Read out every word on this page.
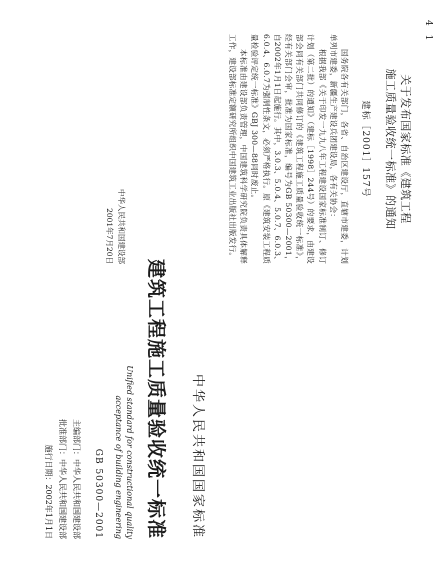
4 1
关于发布国家标准《建筑工程
施工质量验收统一标准》的通知
建标［2001］157号

国务院各有关部门，各省、自治区建设厅，直辖市建委，计划单列市建委，新疆生产建设兵团建设局，各有关协会：

根据我部《关于印发一九九八年工程建设国家标准制订、修订计划（第二批）的通知》（建标［1998］244号）的要求，由建设部会同有关部门共同修订的《建筑工程施工质量验收统一标准》，经有关部门会审，批准为国家标准，编号为GB 50300—2001，自2002年1月1日起施行。其中，3.0.3、5.0.4、5.0.7、6.0.3、6.0.4、6.0.7为强制性条文，必须严格执行。原《建筑安装工程质量检验评定统一标准》GBJ 300—88同时废止。

本标准由建设部负责管理，中国建筑科学研究院负责具体解释工作，建设部标准定额研究所组织中国建筑工业出版社出版发行。

中华人民共和国建设部
2001年7月20日
中华人民共和国国家标准
建筑工程施工质量验收统一标准
Unified standard for constructional quality
acceptance of building engineering
GB 50300—2001
主编部门：中华人民共和国建设部
批准部门：中华人民共和国建设部
施行日期：2002年1月1日
